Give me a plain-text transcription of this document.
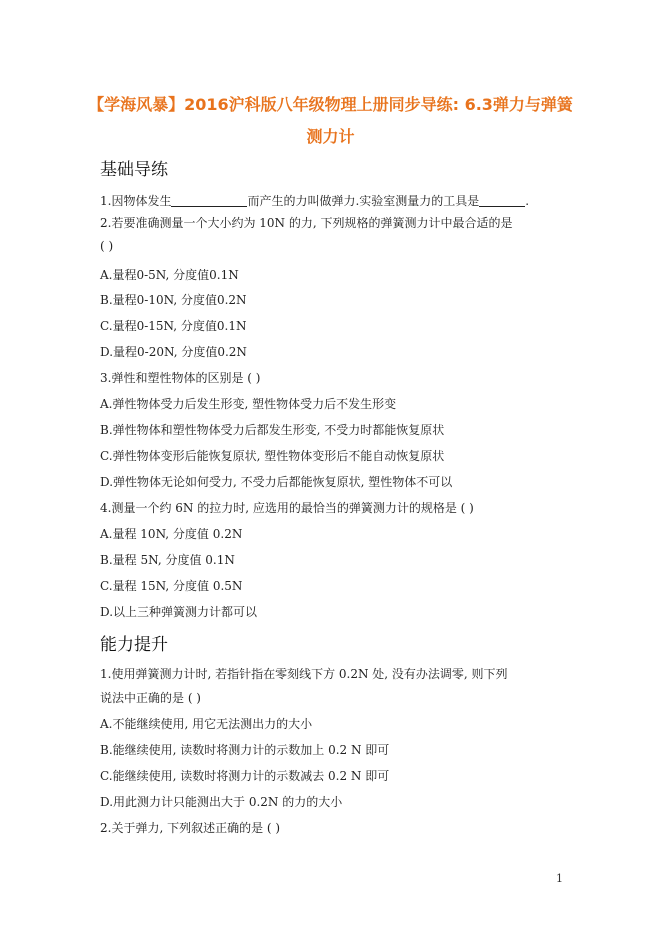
【学海风暴】2016沪科版八年级物理上册同步导练: 6.3弹力与弹簧
测力计
基础导练
1.因物体发生	而产生的力叫做弹力.实验室测量力的工具是	.
2.若要准确测量一个大小约为 10N 的力, 下列规格的弹簧测力计中最合适的是
( )
A.量程0-5N, 分度值0.1N
B.量程0-10N, 分度值0.2N
C.量程0-15N, 分度值0.1N
D.量程0-20N, 分度值0.2N
3.弹性和塑性物体的区别是 ( )
A.弹性物体受力后发生形变, 塑性物体受力后不发生形变
B.弹性物体和塑性物体受力后都发生形变, 不受力时都能恢复原状
C.弹性物体变形后能恢复原状, 塑性物体变形后不能自动恢复原状
D.弹性物体无论如何受力, 不受力后都能恢复原状, 塑性物体不可以
4.测量一个约 6N 的拉力时, 应选用的最恰当的弹簧测力计的规格是 ( )
A.量程 10N, 分度值 0.2N
B.量程 5N, 分度值 0.1N
C.量程 15N, 分度值 0.5N
D.以上三种弹簧测力计都可以
能力提升
1.使用弹簧测力计时, 若指针指在零刻线下方 0.2N 处, 没有办法调零, 则下列
说法中正确的是 ( )
A.不能继续使用, 用它无法测出力的大小
B.能继续使用, 读数时将测力计的示数加上 0.2 N 即可
C.能继续使用, 读数时将测力计的示数减去 0.2 N 即可
D.用此测力计只能测出大于 0.2N 的力的大小
2.关于弹力, 下列叙述正确的是 ( )
1
